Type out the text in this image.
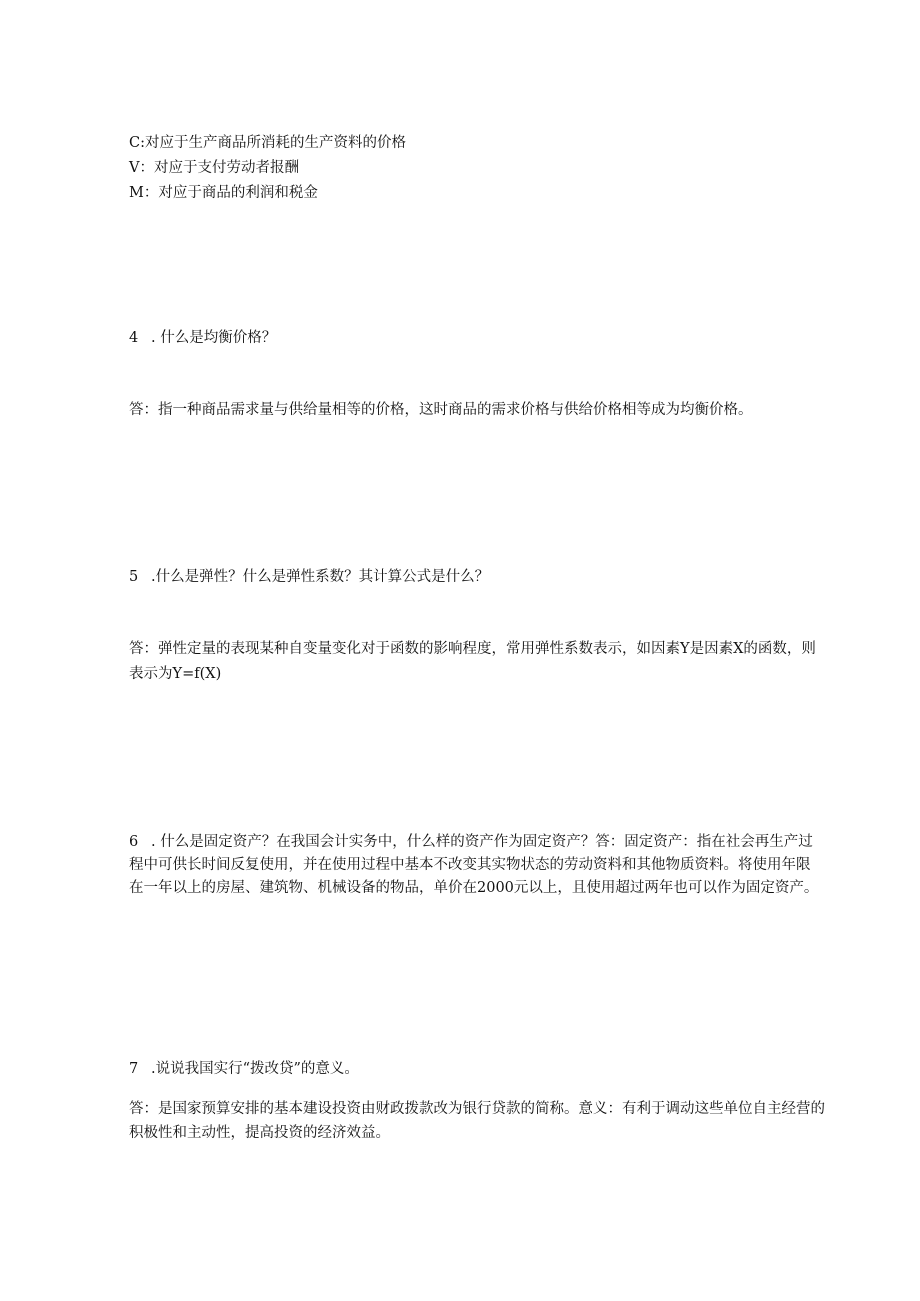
C:对应于生产商品所消耗的生产资料的价格
V：对应于支付劳动者报酬
M：对应于商品的利润和税金
4 . 什么是均衡价格？
答：指一种商品需求量与供给量相等的价格，这时商品的需求价格与供给价格相等成为均衡价格。
5 .什么是弹性？什么是弹性系数？其计算公式是什么？
答：弹性定量的表现某种自变量变化对于函数的影响程度，常用弹性系数表示，如因素Y是因素X的函数，则
表示为Y=f(X)
6 . 什么是固定资产？在我国会计实务中，什么样的资产作为固定资产？答：固定资产：指在社会再生产过
程中可供长时间反复使用，并在使用过程中基本不改变其实物状态的劳动资料和其他物质资料。将使用年限
在一年以上的房屋、建筑物、机械设备的物品，单价在2000元以上，且使用超过两年也可以作为固定资产。
7 .说说我国实行“拨改贷”的意义。
答：是国家预算安排的基本建设投资由财政拨款改为银行贷款的简称。意义：有利于调动这些单位自主经营的
积极性和主动性，提高投资的经济效益。
